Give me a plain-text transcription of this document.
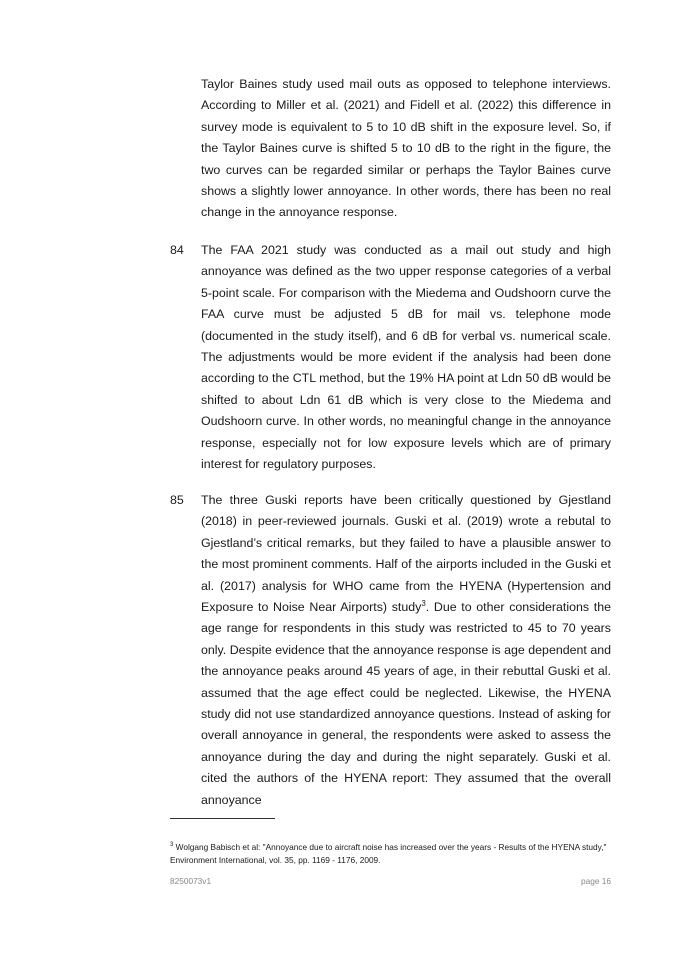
Taylor Baines study used mail outs as opposed to telephone interviews. According to Miller et al. (2021) and Fidell et al. (2022) this difference in survey mode is equivalent to 5 to 10 dB shift in the exposure level. So, if the Taylor Baines curve is shifted 5 to 10 dB to the right in the figure, the two curves can be regarded similar or perhaps the Taylor Baines curve shows a slightly lower annoyance. In other words, there has been no real change in the annoyance response.
84 The FAA 2021 study was conducted as a mail out study and high annoyance was defined as the two upper response categories of a verbal 5-point scale. For comparison with the Miedema and Oudshoorn curve the FAA curve must be adjusted 5 dB for mail vs. telephone mode (documented in the study itself), and 6 dB for verbal vs. numerical scale. The adjustments would be more evident if the analysis had been done according to the CTL method, but the 19% HA point at Ldn 50 dB would be shifted to about Ldn 61 dB which is very close to the Miedema and Oudshoorn curve. In other words, no meaningful change in the annoyance response, especially not for low exposure levels which are of primary interest for regulatory purposes.
85 The three Guski reports have been critically questioned by Gjestland (2018) in peer-reviewed journals. Guski et al. (2019) wrote a rebutal to Gjestland’s critical remarks, but they failed to have a plausible answer to the most prominent comments. Half of the airports included in the Guski et al. (2017) analysis for WHO came from the HYENA (Hypertension and Exposure to Noise Near Airports) study$^3$. Due to other considerations the age range for respondents in this study was restricted to 45 to 70 years only. Despite evidence that the annoyance response is age dependent and the annoyance peaks around 45 years of age, in their rebuttal Guski et al. assumed that the age effect could be neglected. Likewise, the HYENA study did not use standardized annoyance questions. Instead of asking for overall annoyance in general, the respondents were asked to assess the annoyance during the day and during the night separately. Guski et al. cited the authors of the HYENA report: They assumed that the overall annoyance
$^3$ Wolgang Babisch et al: "Annoyance due to aircraft noise has increased over the years - Results of the HYENA study," Environment International, vol. 35, pp. 1169 - 1176, 2009.
8250073v1	page 16
